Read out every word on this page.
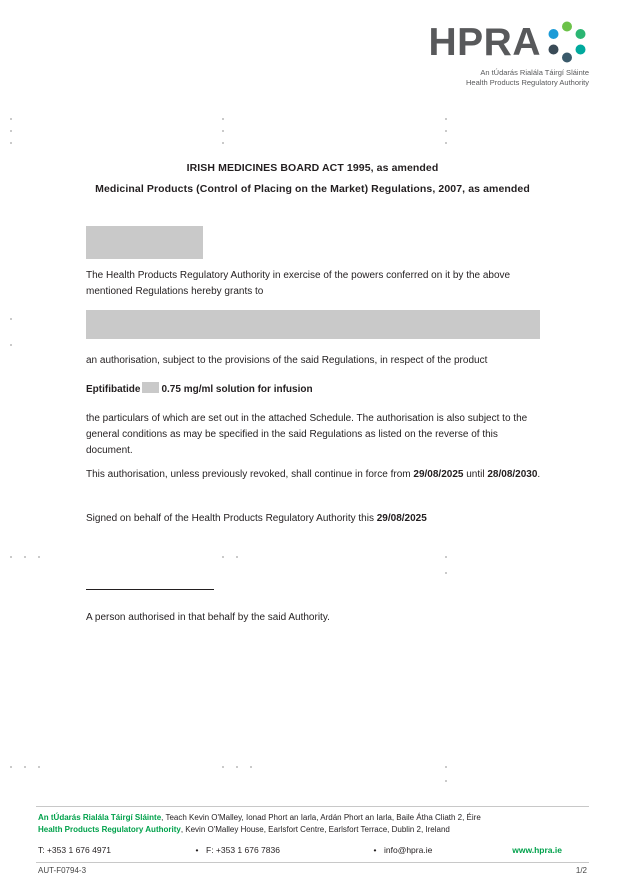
HPRA
An tÚdarás Rialála Táirgí Sláinte
Health Products Regulatory Authority
IRISH MEDICINES BOARD ACT 1995, as amended
Medicinal Products (Control of Placing on the Market) Regulations, 2007, as amended
The Health Products Regulatory Authority in exercise of the powers conferred on it by the above mentioned Regulations hereby grants to
an authorisation, subject to the provisions of the said Regulations, in respect of the product
Eptifibatide 0.75 mg/ml solution for infusion
the particulars of which are set out in the attached Schedule. The authorisation is also subject to the general conditions as may be specified in the said Regulations as listed on the reverse of this document.
This authorisation, unless previously revoked, shall continue in force from 29/08/2025 until 28/08/2030.
Signed on behalf of the Health Products Regulatory Authority this 29/08/2025
A person authorised in that behalf by the said Authority.
An tÚdarás Rialála Táirgí Sláinte, Teach Kevin O'Malley, Ionad Phort an Iarla, Ardán Phort an Iarla, Baile Átha Cliath 2, Éire
Health Products Regulatory Authority, Kevin O'Malley House, Earlsfort Centre, Earlsfort Terrace, Dublin 2, Ireland
T: +353 1 676 4971	• F: +353 1 676 7836	• info@hpra.ie	www.hpra.ie
AUT-F0794-3	1/2
